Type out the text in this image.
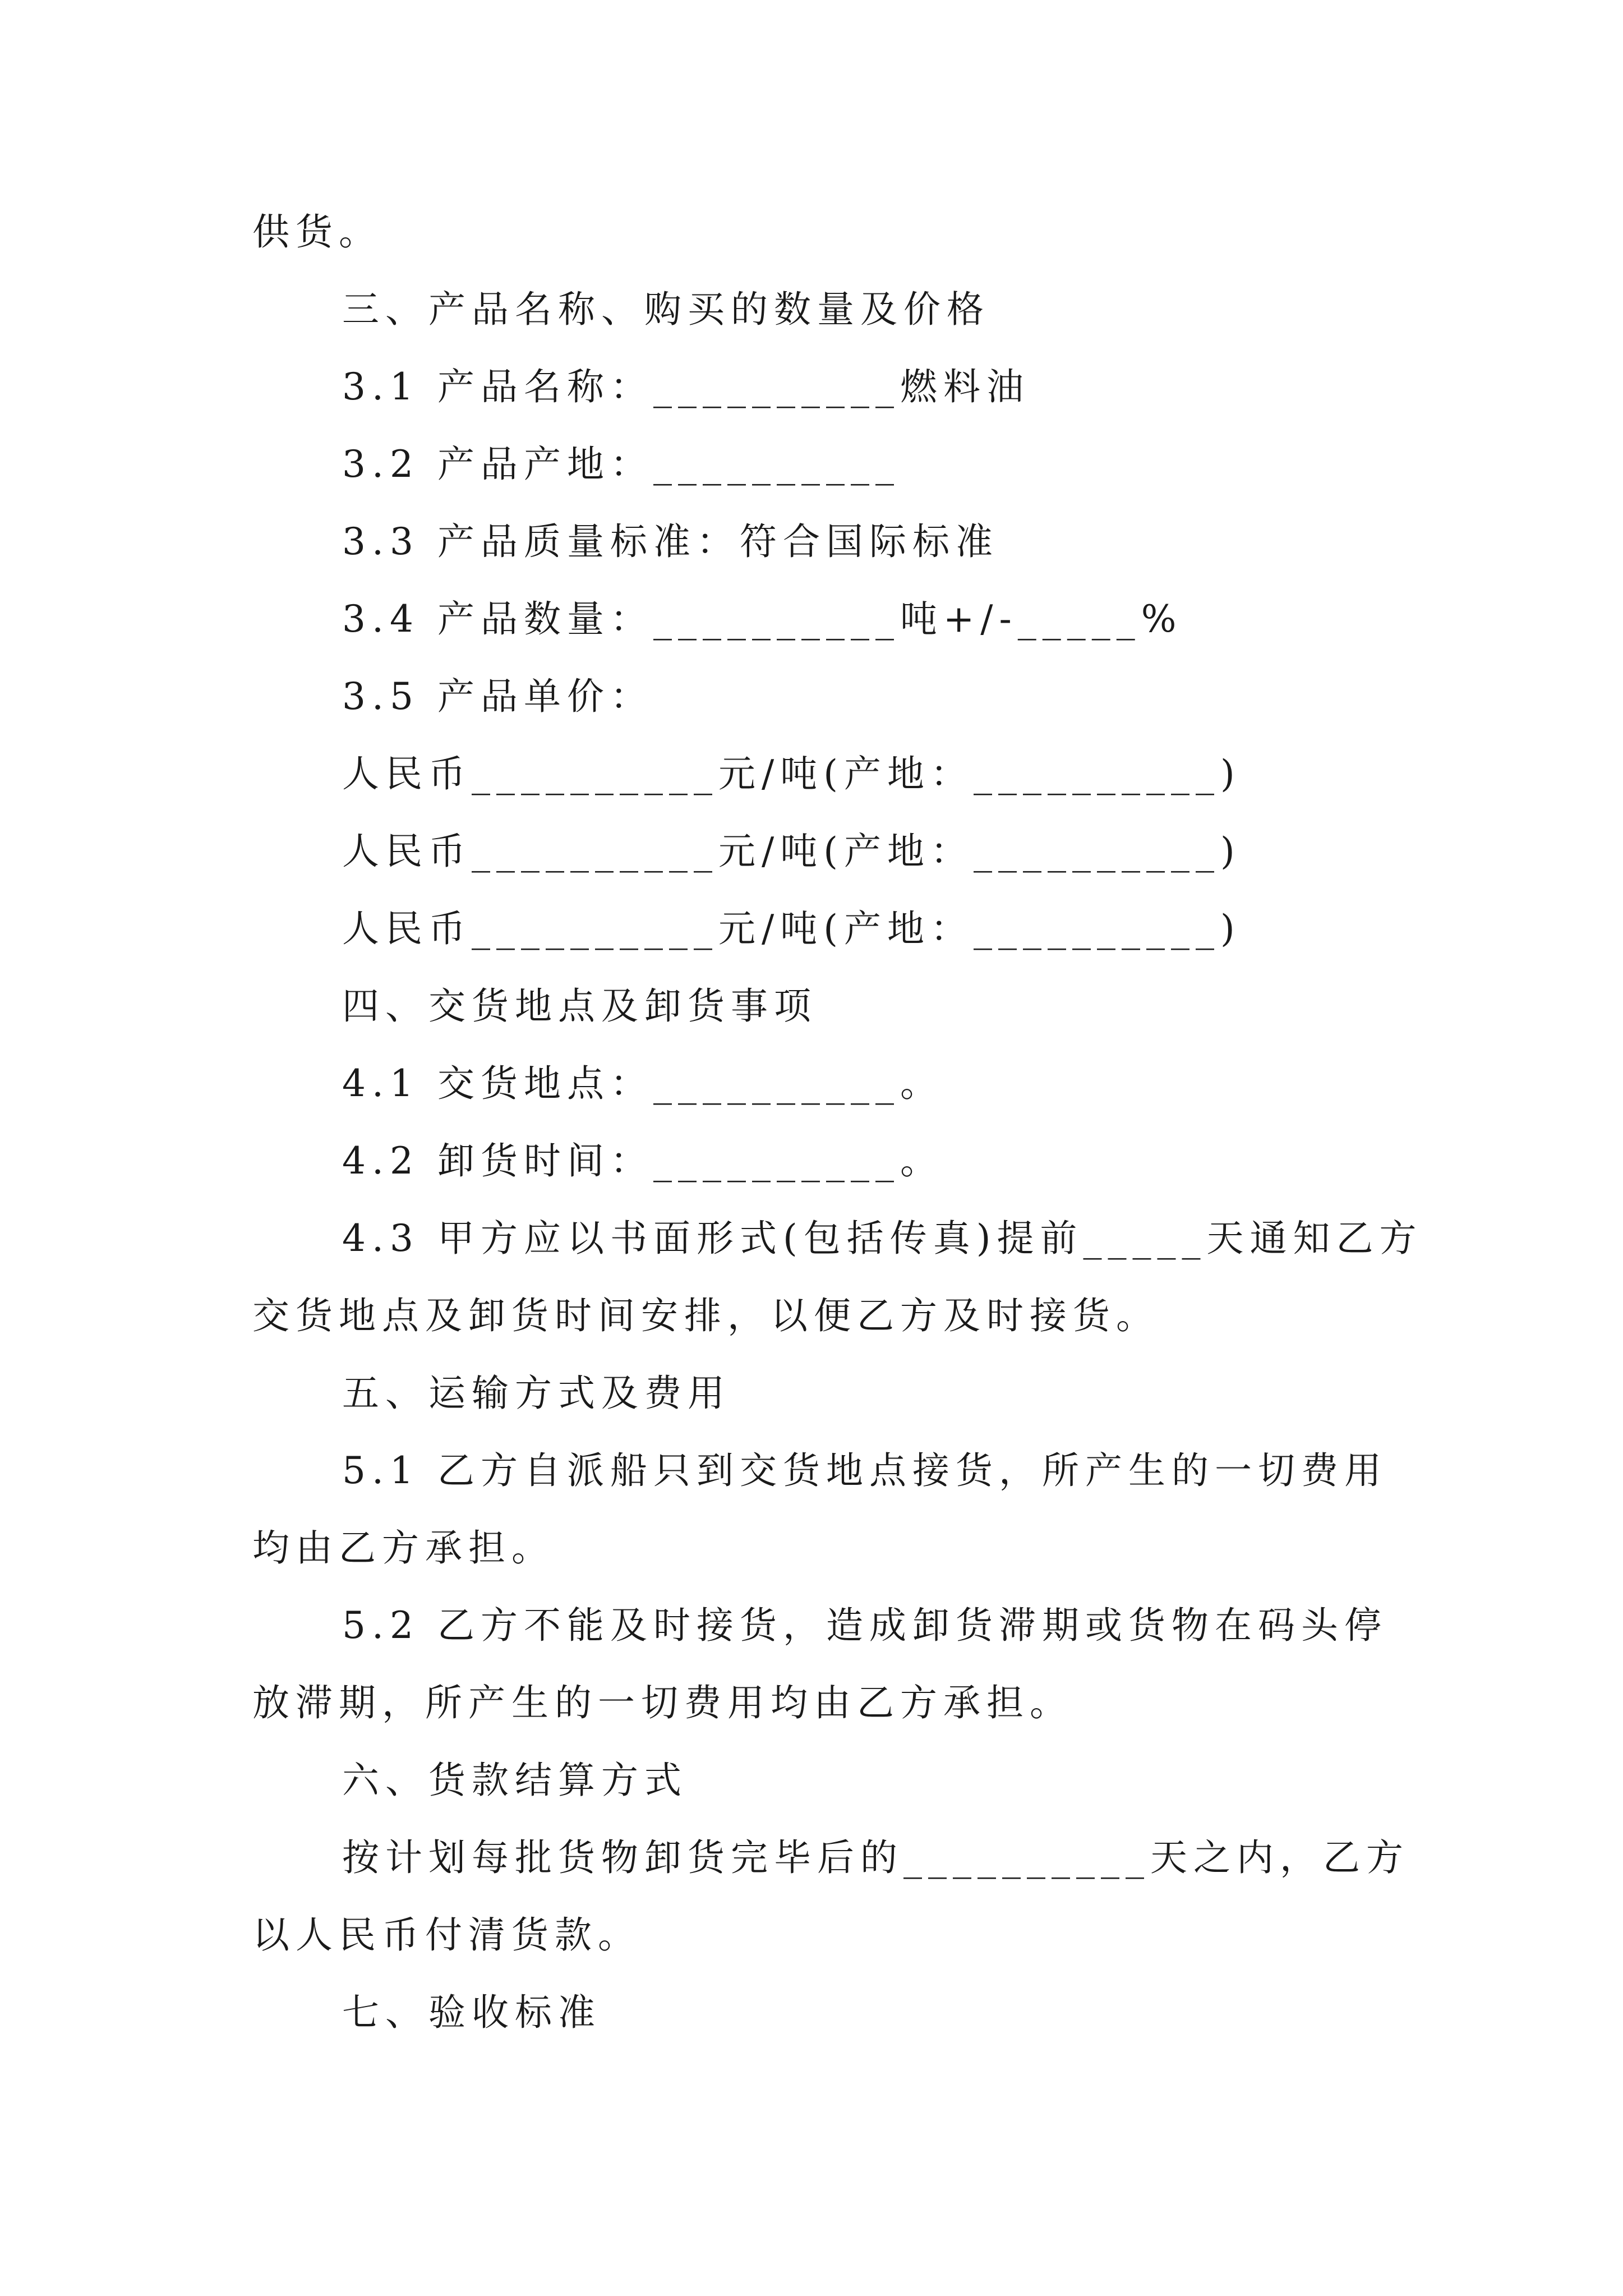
供货。
三、产品名称、购买的数量及价格
3.1 产品名称：__________燃料油
3.2 产品产地：__________
3.3 产品质量标准：符合国际标准
3.4 产品数量：__________吨+/-_____%
3.5 产品单价：
人民币__________元/吨(产地：__________)
人民币__________元/吨(产地：__________)
人民币__________元/吨(产地：__________)
四、交货地点及卸货事项
4.1 交货地点：__________。
4.2 卸货时间：__________。
4.3 甲方应以书面形式(包括传真)提前_____天通知乙方
交货地点及卸货时间安排，以便乙方及时接货。
五、运输方式及费用
5.1 乙方自派船只到交货地点接货，所产生的一切费用
均由乙方承担。
5.2 乙方不能及时接货，造成卸货滞期或货物在码头停
放滞期，所产生的一切费用均由乙方承担。
六、货款结算方式
按计划每批货物卸货完毕后的__________天之内，乙方
以人民币付清货款。
七、验收标准
